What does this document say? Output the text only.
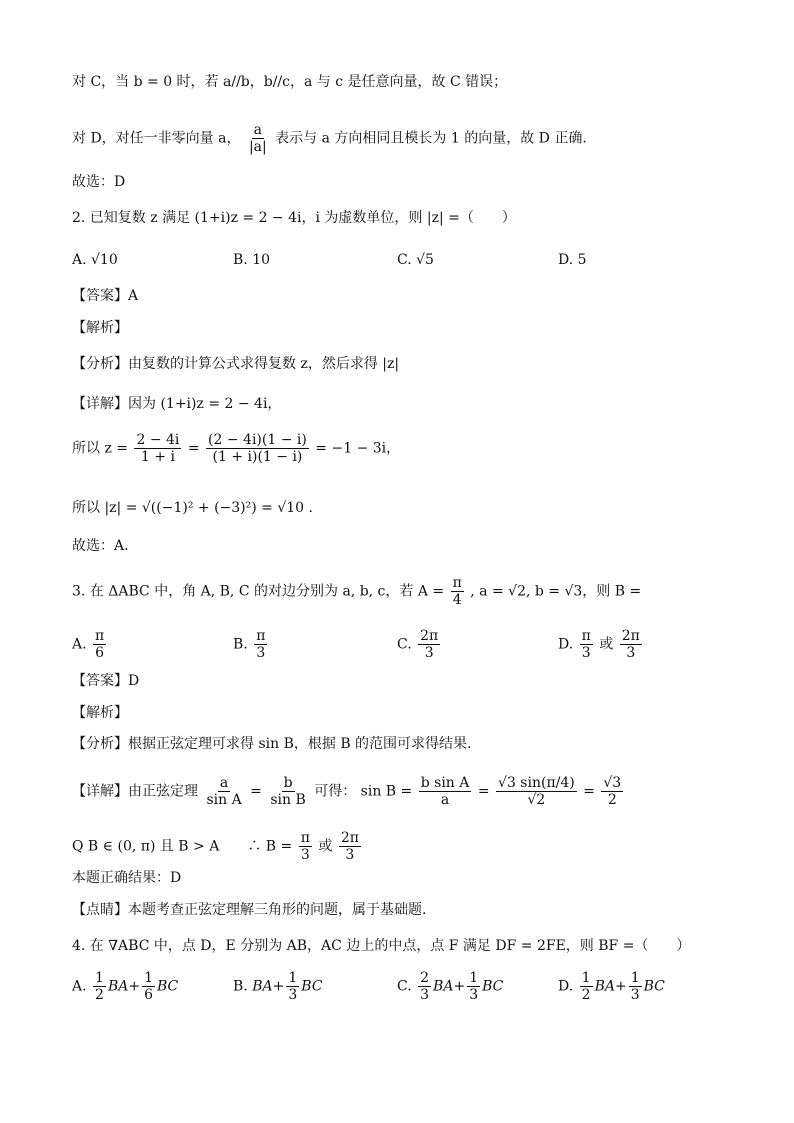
对 C，当 b = 0 时，若 a//b，b//c，a 与 c 是任意向量，故 C 错误；
对 D，对任一非零向量 a， $\frac{a}{|a|}$ 表示与 a 方向相同且模长为 1 的向量，故 D 正确.
故选：D
2. 已知复数 z 满足 (1+i)z = 2 − 4i，i 为虚数单位，则 |z| =（　　）
A. √10	B. 10	C. √5	D. 5
【答案】A
【解析】
【分析】由复数的计算公式求得复数 z，然后求得 |z|
【详解】因为 (1+i)z = 2 − 4i，
所以 $z = \frac{2 - 4i}{1 + i} = \frac{(2 - 4i)(1 - i)}{(1 + i)(1 - i)} = -1 - 3i$，
所以 |z| = √((−1)² + (−3)²) = √10 .
故选：A.
3. 在 ΔABC 中，角 A, B, C 的对边分别为 a, b, c，若 $A = \frac{\pi}{4}$ , a = √2, b = √3，则 B =
A. $\frac{\pi}{6}$	B. $\frac{\pi}{3}$	C. $\frac{2\pi}{3}$	D. $\frac{\pi}{3}$ 或 $\frac{2\pi}{3}$
【答案】D
【解析】
【分析】根据正弦定理可求得 sin B，根据 B 的范围可求得结果.
【详解】由正弦定理 $\frac{a}{\text{sin A}} = \frac{b}{\text{sin B}}$ 可得： $\sin B = \frac{\text{b sin A}}{a} = \frac{√3 \sin(\pi/4)}{√2} = \frac{√3}{2}$
Q B ∈ (0, π) 且 B > A　　∴ $B = \frac{\pi}{3}$ 或 $\frac{2\pi}{3}$
本题正确结果：D
【点睛】本题考查正弦定理解三角形的问题，属于基础题.
4. 在 ∇ABC 中，点 D，E 分别为 AB，AC 边上的中点，点 F 满足 DF = 2FE，则 BF =（　　）
A. $\frac{1}{2} BA+ \frac{1}{6}$ BC	B. $BA+ \frac{1}{3}$ BC	C. $\frac{2}{3} BA+ \frac{1}{3}$ BC	D. $\frac{1}{2} BA+ \frac{1}{3}$ BC
